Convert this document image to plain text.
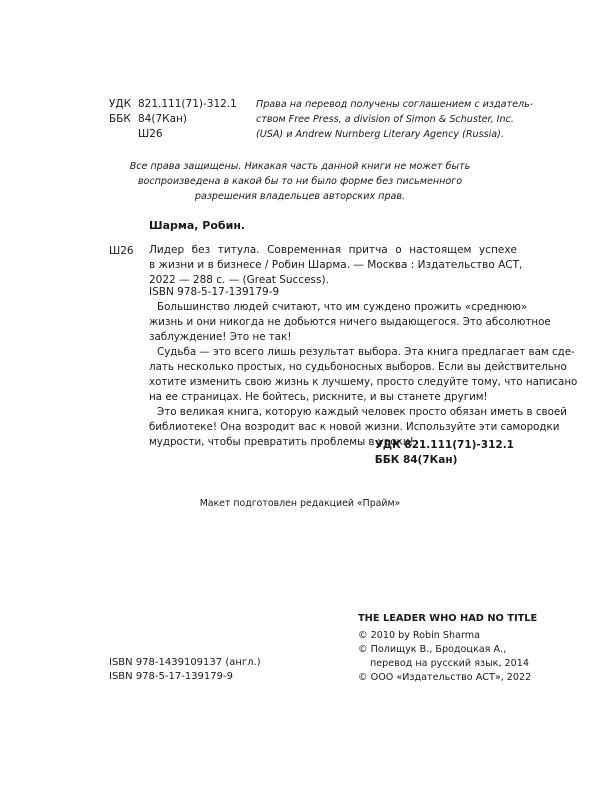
УДК 821.111(71)-312.1
ББК 84(7Кан)
Ш26
Права на перевод получены соглашением с издатель-
ством Free Press, a division of Simon & Schuster, Inc.
(USA) и Andrew Nurnberg Literary Agency (Russia).
Все права защищены. Никакая часть данной книги не может быть
воспроизведена в какой бы то ни было форме без письменного
разрешения владельцев авторских прав.
Шарма, Робин.
Ш26 Лидер без титула. Современная притча о настоящем успехе
в жизни и в бизнесе / Робин Шарма. — Москва : Издательство АСТ,
2022 — 288 с. — (Great Success).
ISBN 978-5-17-139179-9
Большинство людей считают, что им суждено прожить «среднюю»
жизнь и они никогда не добьются ничего выдающегося. Это абсолютное
заблуждение! Это не так!
Судьба — это всего лишь результат выбора. Эта книга предлагает вам сде-
лать несколько простых, но судьбоносных выборов. Если вы действительно
хотите изменить свою жизнь к лучшему, просто следуйте тому, что написано
на ее страницах. Не бойтесь, рискните, и вы станете другим!
Это великая книга, которую каждый человек просто обязан иметь в своей
библиотеке! Она возродит вас к новой жизни. Используйте эти самородки
мудрости, чтобы превратить проблемы в уроки!
УДК 821.111(71)-312.1
ББК 84(7Кан)
Макет подготовлен редакцией «Прайм»
THE LEADER WHO HAD NO TITLE
© 2010 by Robin Sharma
© Полищук В., Бродоцкая А.,
перевод на русский язык, 2014
© ООО «Издательство АСТ», 2022
ISBN 978-1439109137 (англ.)
ISBN 978-5-17-139179-9
